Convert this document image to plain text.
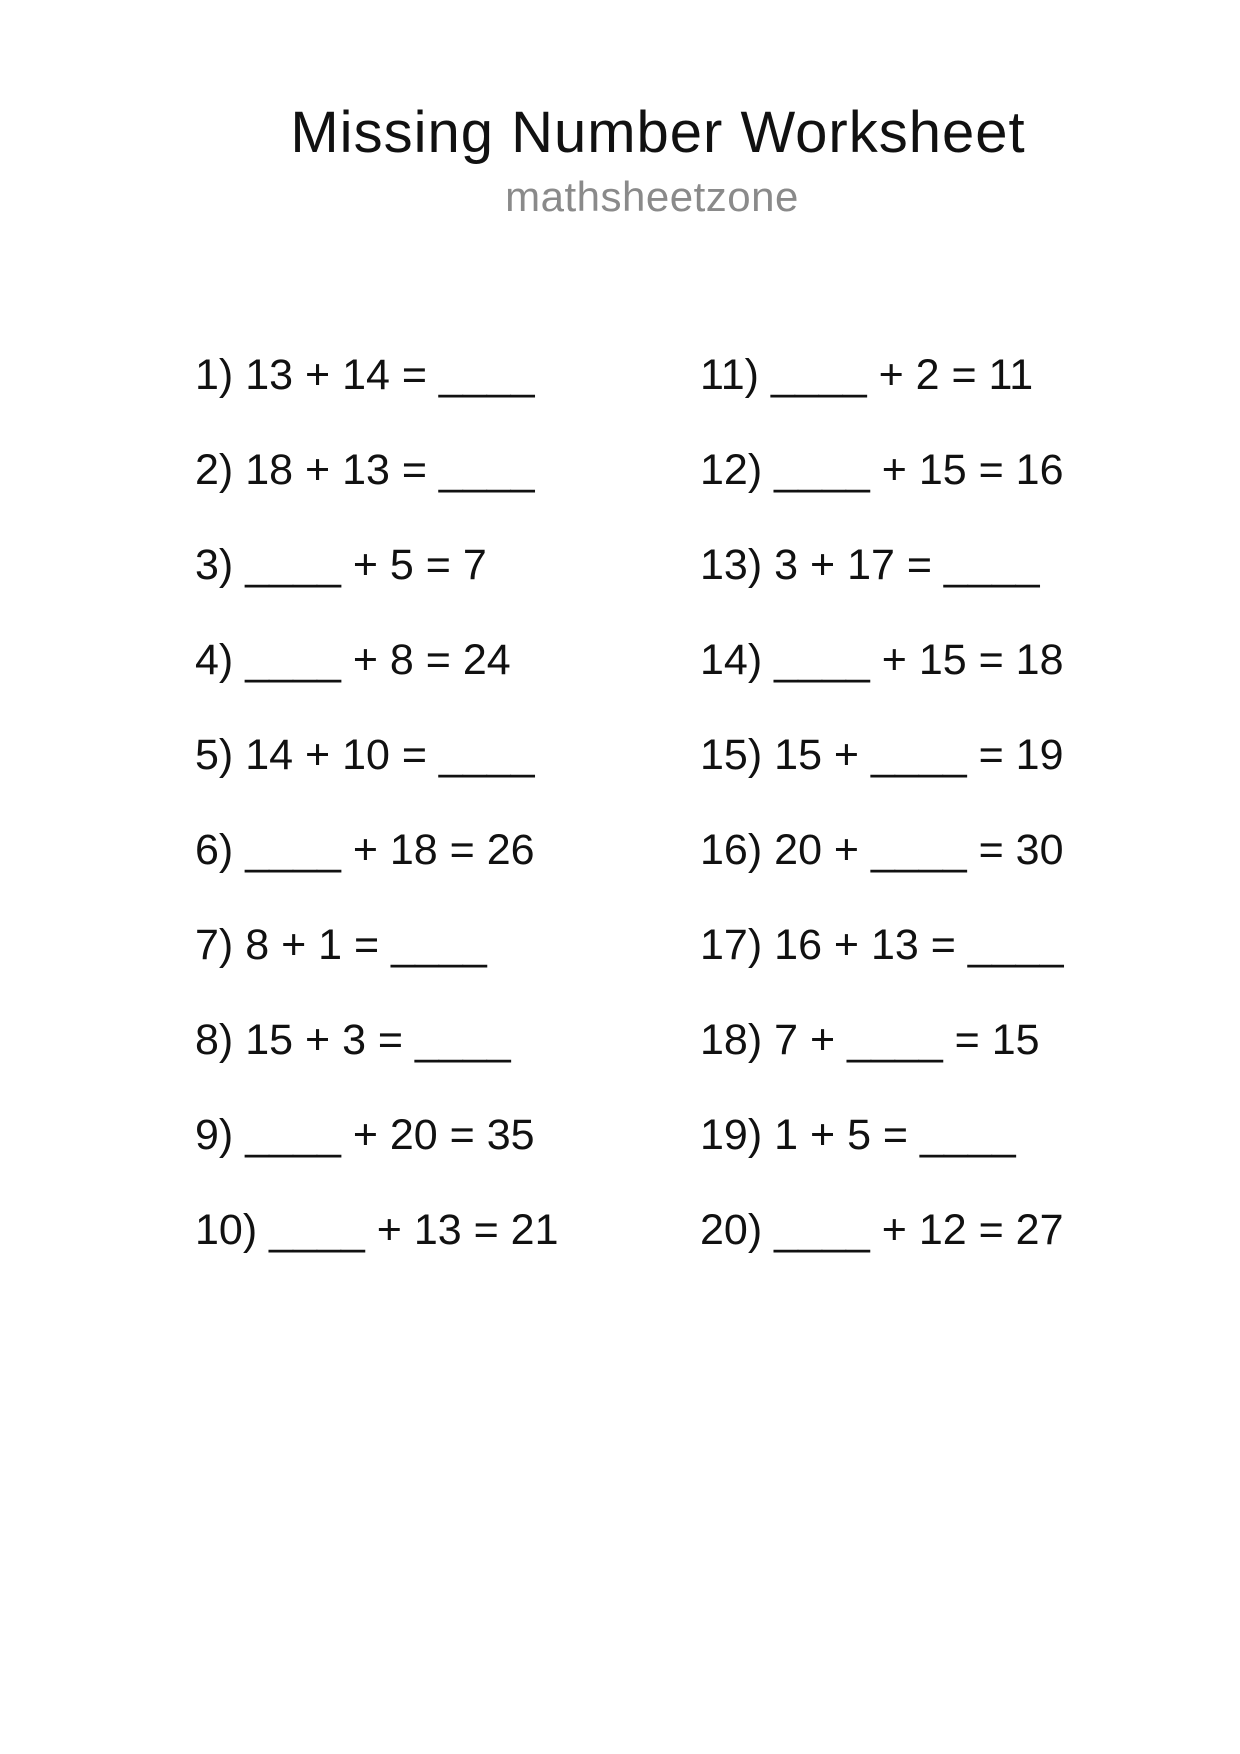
Missing Number Worksheet
mathsheetzone
1) 13 + 14 = ____
2) 18 + 13 = ____
3) ____ + 5 = 7
4) ____ + 8 = 24
5) 14 + 10 = ____
6) ____ + 18 = 26
7) 8 + 1 = ____
8) 15 + 3 = ____
9) ____ + 20 = 35
10) ____ + 13 = 21
11) ____ + 2 = 11
12) ____ + 15 = 16
13) 3 + 17 = ____
14) ____ + 15 = 18
15) 15 + ____ = 19
16) 20 + ____ = 30
17) 16 + 13 = ____
18) 7 + ____ = 15
19) 1 + 5 = ____
20) ____ + 12 = 27
